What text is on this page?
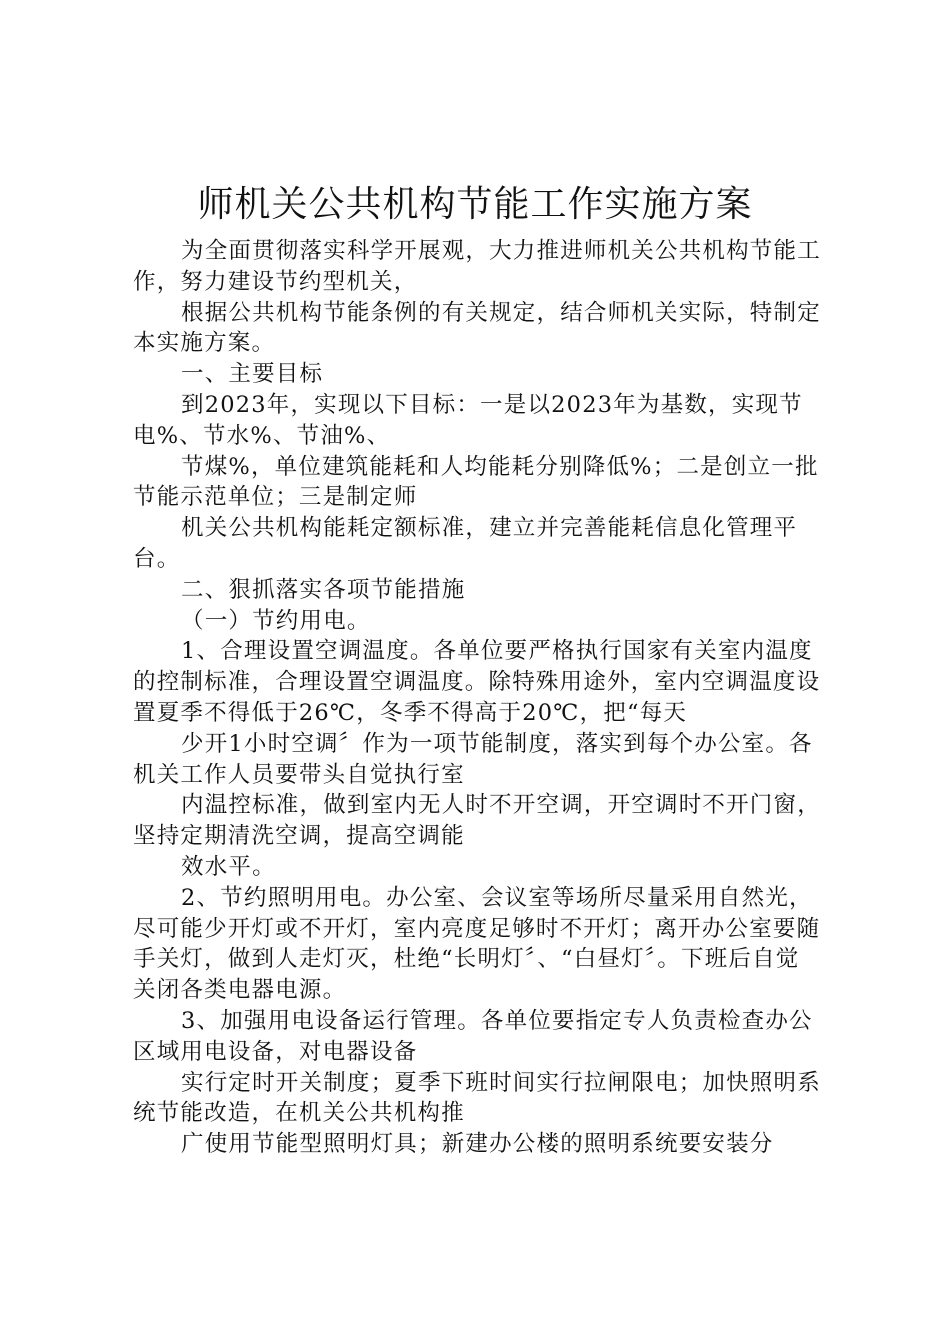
师机关公共机构节能工作实施方案

为全面贯彻落实科学开展观，大力推进师机关公共机构节能工作，努力建设节约型机关，

根据公共机构节能条例的有关规定，结合师机关实际，特制定本实施方案。

一、主要目标

到2023年，实现以下目标：一是以2023年为基数，实现节电%、节水%、节油%、

节煤%，单位建筑能耗和人均能耗分别降低%；二是创立一批节能示范单位；三是制定师

机关公共机构能耗定额标准，建立并完善能耗信息化管理平台。

二、狠抓落实各项节能措施

（一）节约用电。

1、合理设置空调温度。各单位要严格执行国家有关室内温度的控制标准，合理设置空调温度。除特殊用途外，室内空调温度设置夏季不得低于26℃，冬季不得高于20℃，把“每天

少开1小时空调〞作为一项节能制度，落实到每个办公室。各机关工作人员要带头自觉执行室

内温控标准，做到室内无人时不开空调，开空调时不开门窗，坚持定期清洗空调，提高空调能

效水平。

2、节约照明用电。办公室、会议室等场所尽量采用自然光，尽可能少开灯或不开灯，室内亮度足够时不开灯；离开办公室要随手关灯，做到人走灯灭，杜绝“长明灯〞、“白昼灯〞。下班后自觉关闭各类电器电源。

3、加强用电设备运行管理。各单位要指定专人负责检查办公区域用电设备，对电器设备

实行定时开关制度；夏季下班时间实行拉闸限电；加快照明系统节能改造，在机关公共机构推

广使用节能型照明灯具；新建办公楼的照明系统要安装分
